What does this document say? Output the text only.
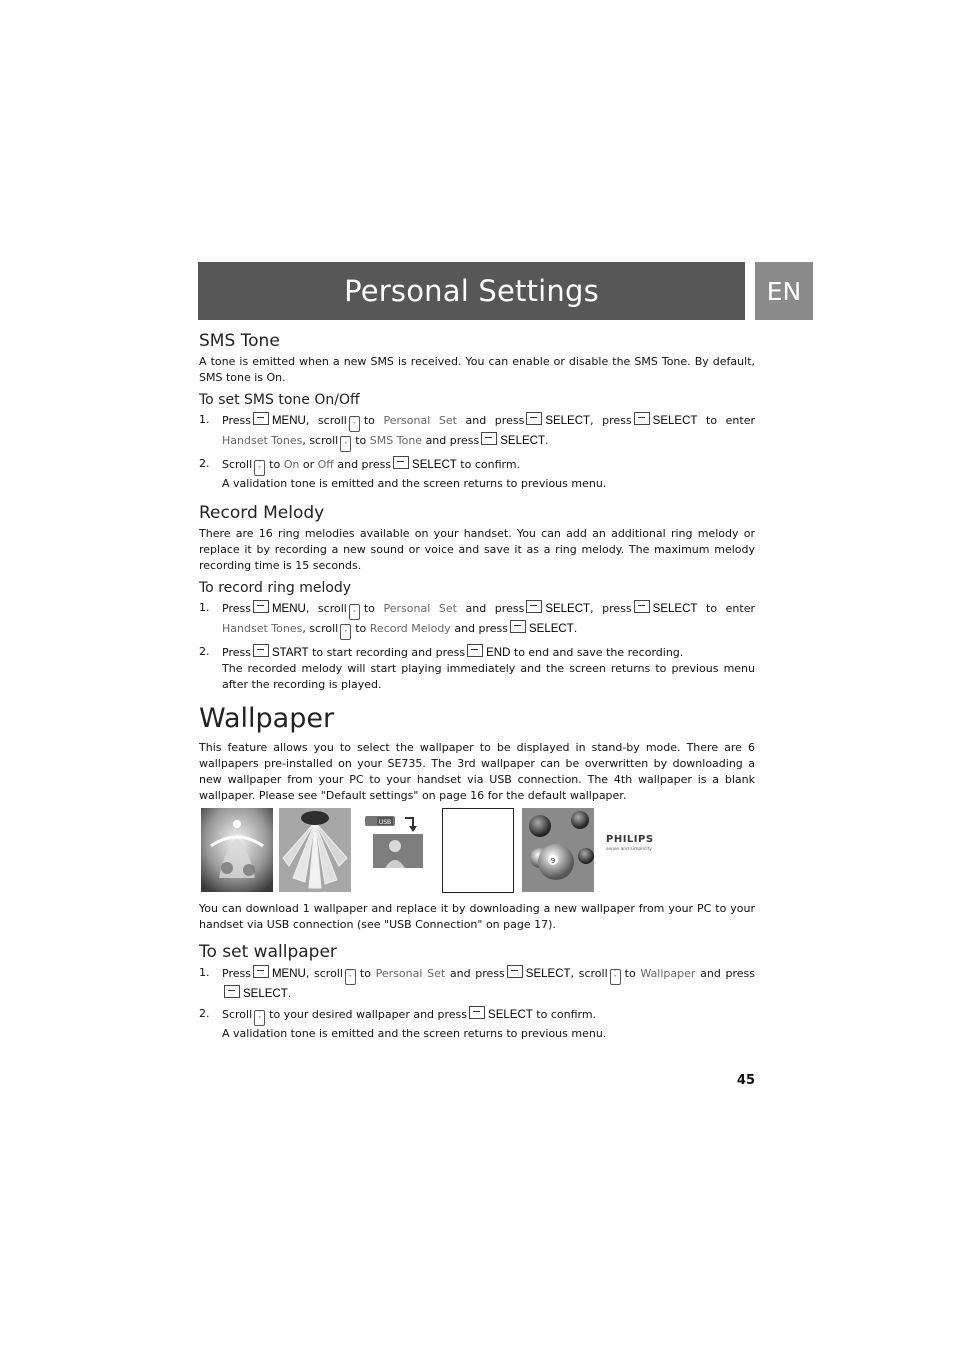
Personal Settings	EN
SMS Tone

A tone is emitted when a new SMS is received. You can enable or disable the SMS Tone. By default, SMS tone is On.

To set SMS tone On/Off
1. Press MENU, scroll ˄
˅ to Personal Set and press SELECT, press SELECT to enter Handset Tones, scroll ˄
˅ to SMS Tone and press SELECT.
2. Scroll ˄
˅ to On or Off and press SELECT to confirm.
A validation tone is emitted and the screen returns to previous menu.
Record Melody

There are 16 ring melodies available on your handset. You can add an additional ring melody or replace it by recording a new sound or voice and save it as a ring melody. The maximum melody recording time is 15 seconds.

To record ring melody
1. Press MENU, scroll ˄
˅ to Personal Set and press SELECT, press SELECT to enter Handset Tones, scroll ˄
˅ to Record Melody and press SELECT.
2. Press START to start recording and press END to end and save the recording.
The recorded melody will start playing immediately and the screen returns to previous menu after the recording is played.
Wallpaper

This feature allows you to select the wallpaper to be displayed in stand-by mode. There are 6 wallpapers pre-installed on your SE735. The 3rd wallpaper can be overwritten by downloading a new wallpaper from your PC to your handset via USB connection. The 4th wallpaper is a blank wallpaper. Please see "Default settings" on page 16 for the default wallpaper.

USB
9
PHILIPS
sense and simplicity

You can download 1 wallpaper and replace it by downloading a new wallpaper from your PC to your handset via USB connection (see "USB Connection" on page 17).

To set wallpaper
1. Press MENU, scroll ˄
˅ to Personal Set and press SELECT, scroll ˄
˅ to Wallpaper and pressSELECT.
2. Scroll ˄
˅ to your desired wallpaper and press SELECT to confirm.
A validation tone is emitted and the screen returns to previous menu.
45
